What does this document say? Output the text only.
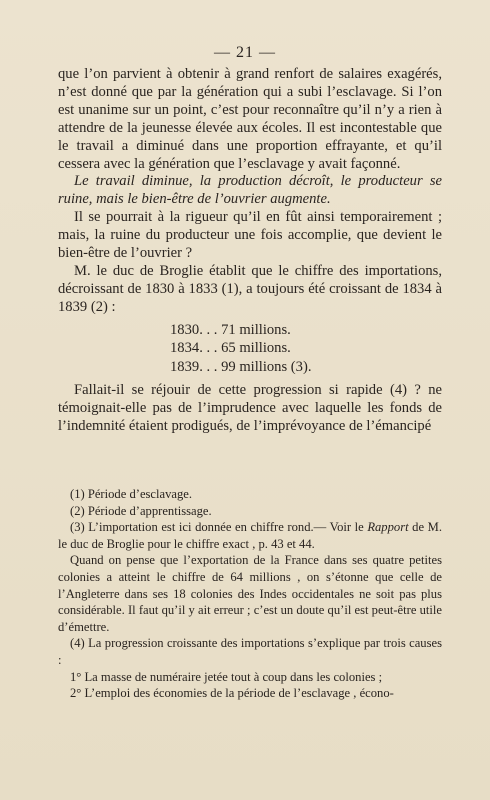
— 21 —

que l’on parvient à obtenir à grand renfort de salaires exagérés, n’est donné que par la génération qui a subi l’esclavage. Si l’on est unanime sur un point, c’est pour reconnaître qu’il n’y a rien à attendre de la jeunesse élevée aux écoles. Il est incontestable que le travail a diminué dans une proportion effrayante, et qu’il cessera avec la génération que l’esclavage y avait façonné.

Le travail diminue, la production décroît, le producteur se ruine, mais le bien-être de l’ouvrier augmente.

Il se pourrait à la rigueur qu’il en fût ainsi temporairement ; mais, la ruine du producteur une fois accomplie, que devient le bien-être de l’ouvrier ?

M. le duc de Broglie établit que le chiffre des importations, décroissant de 1830 à 1833 (1), a toujours été croissant de 1834 à 1839 (2) :

1830. . . 71 millions.
1834. . . 65 millions.
1839. . . 99 millions (3).

Fallait-il se réjouir de cette progression si rapide (4) ? ne témoignait-elle pas de l’imprudence avec laquelle les fonds de l’indemnité étaient prodigués, de l’imprévoyance de l’émancipé

(1) Période d’esclavage.

(2) Période d’apprentissage.

(3) L’importation est ici donnée en chiffre rond.— Voir le Rapport de M. le duc de Broglie pour le chiffre exact , p. 43 et 44.

Quand on pense que l’exportation de la France dans ses quatre petites colonies a atteint le chiffre de 64 millions , on s’étonne que celle de l’Angleterre dans ses 18 colonies des Indes occidentales ne soit pas plus considérable. Il faut qu’il y ait erreur ; c’est un doute qu’il est peut-être utile d’émettre.

(4) La progression croissante des importations s’explique par trois causes :

1° La masse de numéraire jetée tout à coup dans les colonies ;

2° L’emploi des économies de la période de l’esclavage , écono-
